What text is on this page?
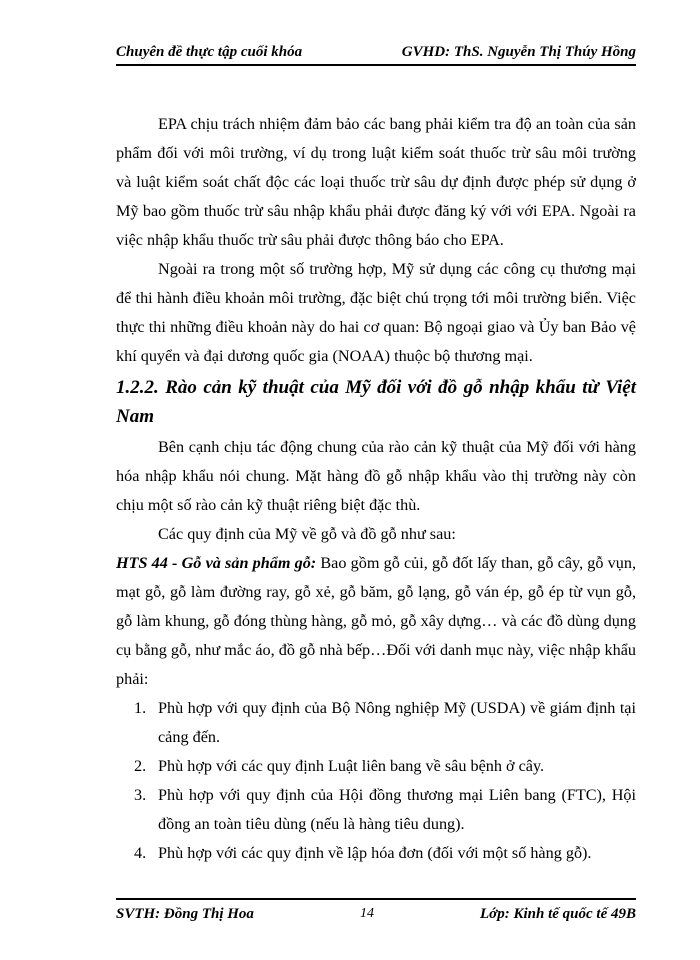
Chuyên đề thực tập cuối khóa	GVHD: ThS. Nguyễn Thị Thúy Hồng

EPA chịu trách nhiệm đảm bảo các bang phải kiểm tra độ an toàn của sản phẩm đối với môi trường, ví dụ trong luật kiểm soát thuốc trừ sâu môi trường và luật kiểm soát chất độc các loại thuốc trừ sâu dự định được phép sử dụng ở Mỹ bao gồm thuốc trừ sâu nhập khẩu phải được đăng ký với với EPA. Ngoài ra việc nhập khẩu thuốc trừ sâu phải được thông báo cho EPA.

Ngoài ra trong một số trường hợp, Mỹ sử dụng các công cụ thương mại để thi hành điều khoản môi trường, đặc biệt chú trọng tới môi trường biển. Việc thực thi những điều khoản này do hai cơ quan: Bộ ngoại giao và Ủy ban Bảo vệ khí quyển và đại dương quốc gia (NOAA) thuộc bộ thương mại.

1.2.2. Rào cản kỹ thuật của Mỹ đối với đồ gỗ nhập khẩu từ Việt Nam

Bên cạnh chịu tác động chung của rào cản kỹ thuật của Mỹ đối với hàng hóa nhập khẩu nói chung. Mặt hàng đồ gỗ nhập khẩu vào thị trường này còn chịu một số rào cản kỹ thuật riêng biệt đặc thù.

Các quy định của Mỹ về gỗ và đồ gỗ như sau:

HTS 44 - Gỗ và sản phẩm gỗ: Bao gồm gỗ củi, gỗ đốt lấy than, gỗ cây, gỗ vụn, mạt gỗ, gỗ làm đường ray, gỗ xẻ, gỗ băm, gỗ lạng, gỗ ván ép, gỗ ép từ vụn gỗ, gỗ làm khung, gỗ đóng thùng hàng, gỗ mỏ, gỗ xây dựng… và các đồ dùng dụng cụ bằng gỗ, như mắc áo, đồ gỗ nhà bếp…Đối với danh mục này, việc nhập khẩu phải:

1. Phù hợp với quy định của Bộ Nông nghiệp Mỹ (USDA) về giám định tại cảng đến.
2. Phù hợp với các quy định Luật liên bang về sâu bệnh ở cây.
3. Phù hợp với quy định của Hội đồng thương mại Liên bang (FTC), Hội đồng an toàn tiêu dùng (nếu là hàng tiêu dung).
4. Phù hợp với các quy định về lập hóa đơn (đối với một số hàng gỗ).
SVTH: Đồng Thị Hoa	14	Lớp: Kinh tế quốc tế 49B
